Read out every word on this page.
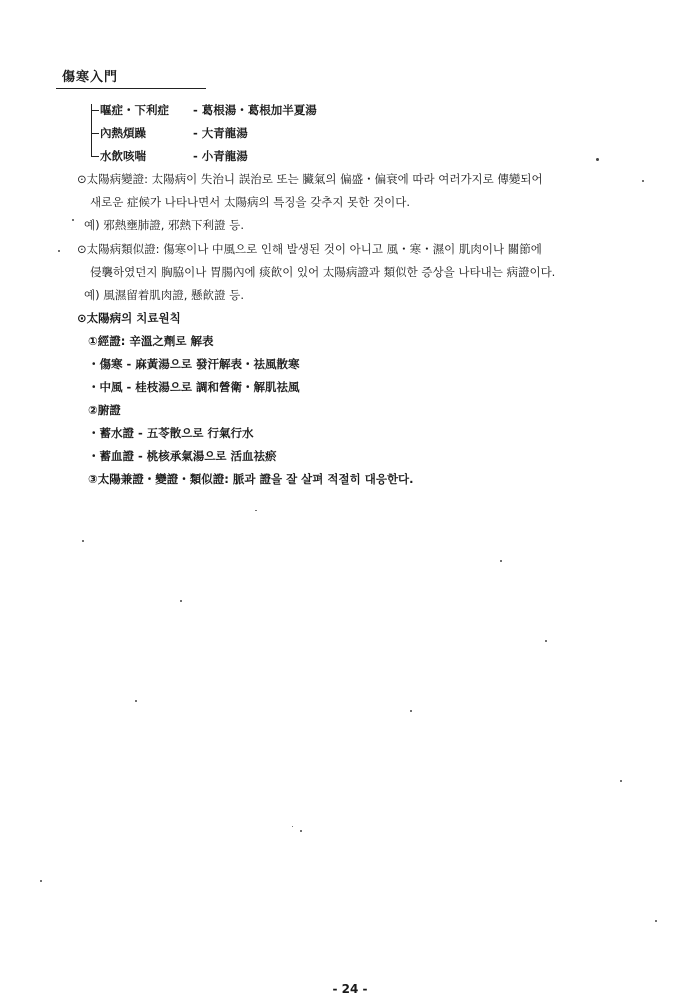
傷寒入門
嘔症・下利症 - 葛根湯・葛根加半夏湯
內熱煩躁	- 大青龍湯
水飲咳喘	- 小青龍湯
⊙太陽病變證: 太陽病이 失治니 誤治로 또는 臟氣의 偏盛・偏衰에 따라 여러가지로 傳變되어
새로운 症候가 나타나면서 太陽病의 특징을 갖추지 못한 것이다.
예) 邪熱壅肺證, 邪熱下利證 등.
⊙太陽病類似證: 傷寒이나 中風으로 인해 발생된 것이 아니고 風・寒・濕이 肌肉이나 關節에
侵襲하였던지 胸脇이나 胃腸內에 痰飮이 있어 太陽病證과 類似한 증상을 나타내는 病證이다.
예) 風濕留着肌肉證, 懸飮證 등.
⊙太陽病의 치료원칙
①經證: 辛溫之劑로 解表
・傷寒 - 麻黃湯으로 發汗解表・祛風散寒
・中風 - 桂枝湯으로 調和營衛・解肌祛風
②腑證
・蓄水證 - 五苓散으로 行氣行水
・蓄血證 - 桃核承氣湯으로 活血祛瘀
③太陽兼證・變證・類似證: 脈과 證을 잘 살펴 적절히 대응한다.
- 24 -
